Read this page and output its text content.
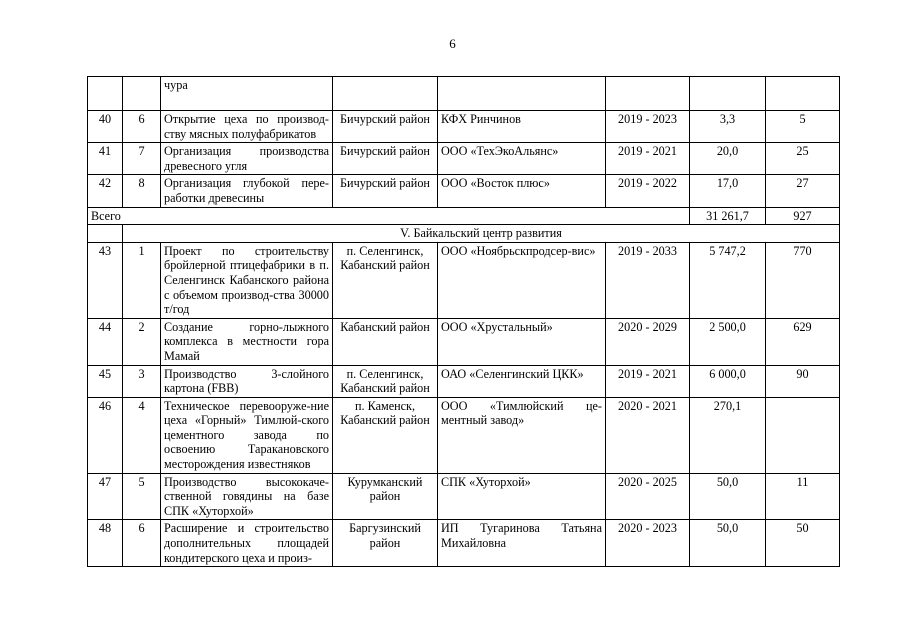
6
		чура					
40	6	Открытие цеха по производ-ству мясных полуфабрикатов	Бичурский район	КФХ Ринчинов	2019 - 2023	3,3	5
41	7	Организация производства древесного угля	Бичурский район	ООО «ТехЭкоАльянс»	2019 - 2021	20,0	25
42	8	Организация глубокой пере-работки древесины	Бичурский район	ООО «Восток плюс»	2019 - 2022	17,0	27
Всего						31 261,7	927
	V. Байкальский центр развития						
43	1	Проект по строительству бройлерной птицефабрики в п. Селенгинск Кабанского района с объемом производ-ства 30000 т/год	п. Селенгинск, Кабанский район	ООО «Ноябрьскпродсер-вис»	2019 - 2033	5 747,2	770
44	2	Создание горно-лыжного комплекса в местности гора Мамай	Кабанский район	ООО «Хрустальный»	2020 - 2029	2 500,0	629
45	3	Производство 3-слойного картона (FBB)	п. Селенгинск, Кабанский район	ОАО «Селенгинский ЦКК»	2019 - 2021	6 000,0	90
46	4	Техническое перевооруже-ние цеха «Горный» Тимлюй-ского цементного завода по освоению Таракановского месторождения известняков	п. Каменск, Кабанский район	ООО «Тимлюйский це-ментный завод»	2020 - 2021	270,1	
47	5	Производство высококаче-ственной говядины на базе СПК «Хуторхой»	Курумканский район	СПК «Хуторхой»	2020 - 2025	50,0	11
48	6	Расширение и строительство дополнительных площадей кондитерского цеха и произ-	Баргузинский район	ИП Тугаринова Татьяна Михайловна	2020 - 2023	50,0	50
